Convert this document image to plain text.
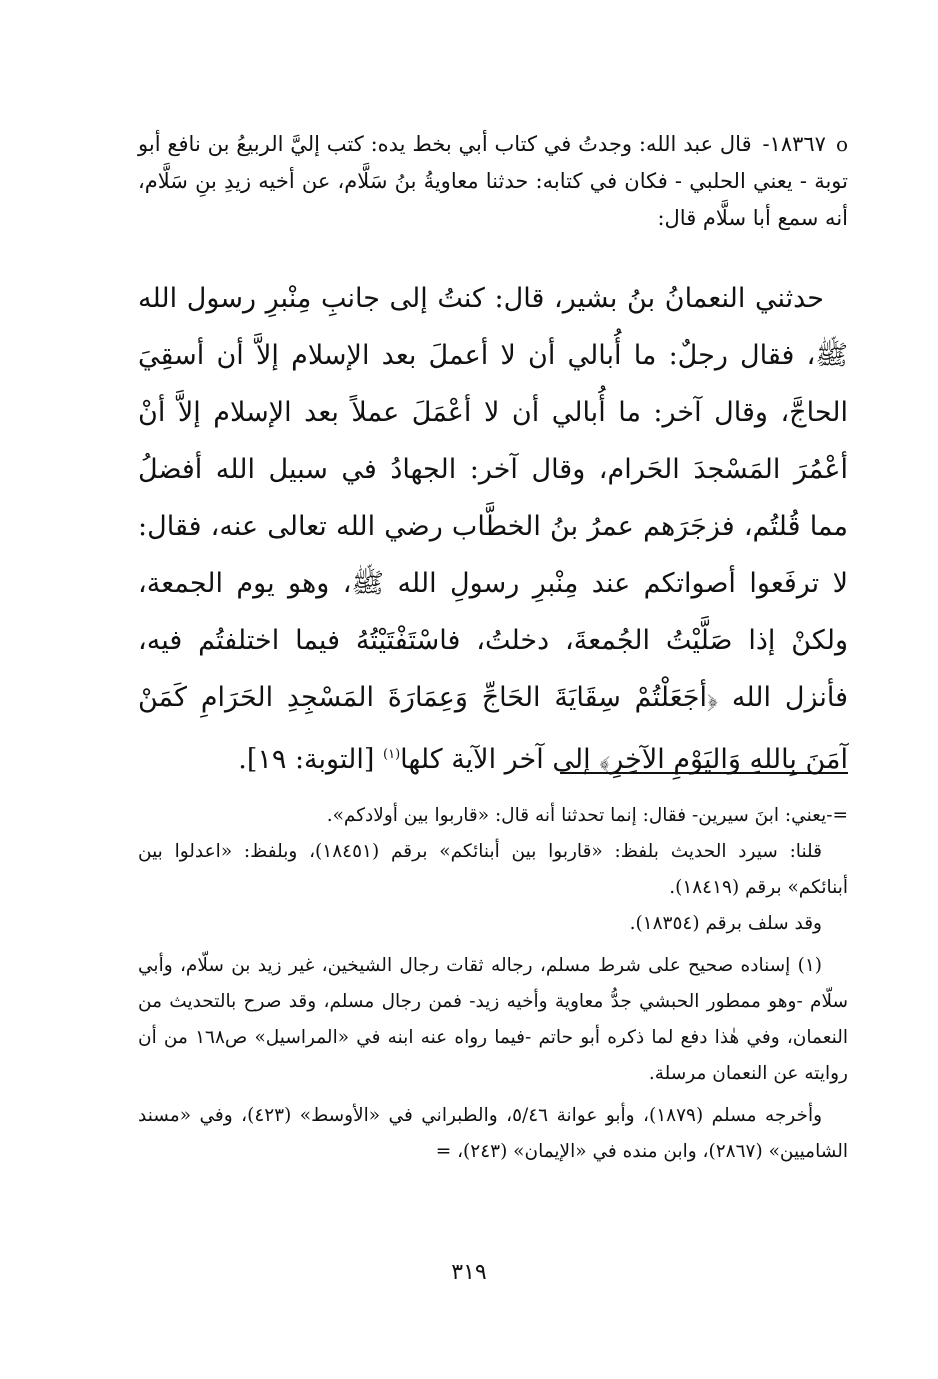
ο١٨٣٦٧- قال عبد الله: وجدتُ في كتاب أبي بخط يده: كتب إليَّ الربيعُ بن نافع أبو توبة - يعني الحلبي - فكان في كتابه: حدثنا معاويةُ بنُ سَلَّام، عن أخيه زيدِ بنِ سَلَّام، أنه سمع أبا سلَّام قال:
حدثني النعمانُ بنُ بشير، قال: كنتُ إلى جانبِ مِنْبرِ رسول الله ﷺ، فقال رجلٌ: ما أُبالي أن لا أعملَ بعد الإسلام إلاَّ أن أسقِيَ الحاجَّ، وقال آخر: ما أُبالي أن لا أعْمَلَ عملاً بعد الإسلام إلاَّ أنْ أعْمُرَ المَسْجدَ الحَرام، وقال آخر: الجهادُ في سبيل الله أفضلُ مما قُلتُم، فزجَرَهم عمرُ بنُ الخطَّاب رضي الله تعالى عنه، فقال: لا ترفَعوا أصواتكم عند مِنْبرِ رسولِ الله ﷺ، وهو يوم الجمعة، ولكنْ إذا صَلَّيْتُ الجُمعةَ، دخلتُ، فاسْتَفْتَيْتُهُ فيما اختلفتُم فيه، فأنزل الله ﴿أجَعَلْتُمْ سِقَايَةَ الحَاجِّ وَعِمَارَةَ المَسْجِدِ الحَرَامِ كَمَنْ آمَنَ بِاللهِ وَاليَوْمِ الآخِرِ﴾ إلى آخر الآية كلها$^{(١)}$ [التوبة: ١٩].

=-يعني: ابنَ سيرين- فقال: إنما تحدثنا أنه قال: «قاربوا بين أولادكم».

قلنا: سيرد الحديث بلفظ: «قاربوا بين أبنائكم» برقم (١٨٤٥١)، وبلفظ: «اعدلوا بين أبنائكم» برقم (١٨٤١٩).

وقد سلف برقم (١٨٣٥٤).

(١) إسناده صحيح على شرط مسلم، رجاله ثقات رجال الشيخين، غير زيد بن سلّام، وأبي سلّام -وهو ممطور الحبشي جدُّ معاوية وأخيه زيد- فمن رجال مسلم، وقد صرح بالتحديث من النعمان، وفي هٰذا دفع لما ذكره أبو حاتم -فيما رواه عنه ابنه في «المراسيل» ص١٦٨ من أن روايته عن النعمان مرسلة.

وأخرجه مسلم (١٨٧٩)، وأبو عوانة ٥/٤٦، والطبراني في «الأوسط» (٤٢٣)، وفي «مسند الشاميين» (٢٨٦٧)، وابن منده في «الإيمان» (٢٤٣)، =

٣١٩
